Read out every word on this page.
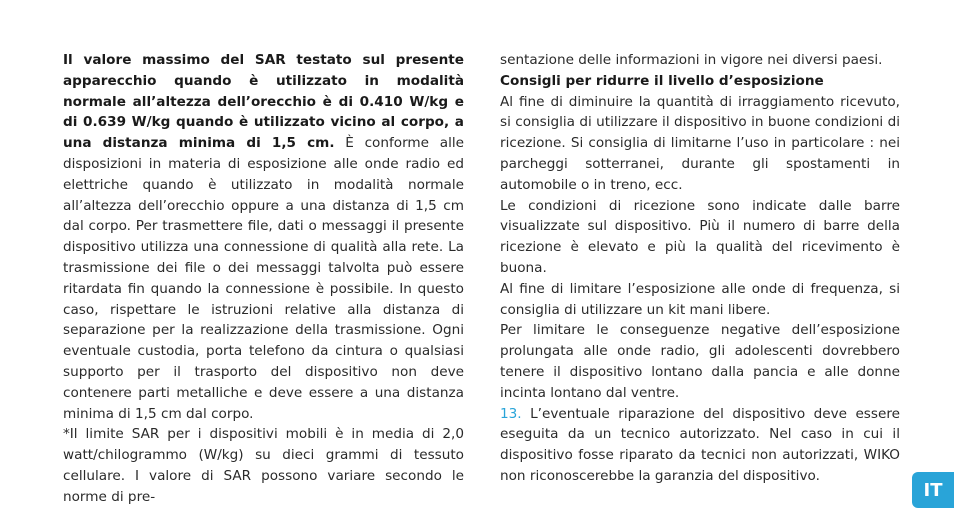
Il valore massimo del SAR testato sul presente apparecchio quando è utilizzato in modalità normale all’altezza dell’orecchio è di 0.410 W/kg e di 0.639 W/kg quando è utilizzato vicino al corpo, a una distanza minima di 1,5 cm. È conforme alle disposizioni in materia di esposizione alle onde radio ed elettriche quando è utilizzato in modalità normale all’altezza dell’orecchio oppure a una distanza di 1,5 cm dal corpo. Per trasmettere file, dati o messaggi il presente dispositivo utilizza una connessione di qualità alla rete. La trasmissione dei file o dei messaggi talvolta può essere ritardata fin quando la connessione è possibile. In questo caso, rispettare le istruzioni relative alla distanza di separazione per la realizzazione della trasmissione. Ogni eventuale custodia, porta telefono da cintura o qualsiasi supporto per il trasporto del dispositivo non deve contenere parti metalliche e deve essere a una distanza minima di 1,5 cm dal corpo.

*Il limite SAR per i dispositivi mobili è in media di 2,0 watt/chilogrammo (W/kg) su dieci grammi di tessuto cellulare. I valore di SAR possono variare secondo le norme di pre-

sentazione delle informazioni in vigore nei diversi paesi.

Consigli per ridurre il livello d’esposizione

Al fine di diminuire la quantità di irraggiamento ricevuto, si consiglia di utilizzare il dispositivo in buone condizioni di ricezione. Si consiglia di limitarne l’uso in particolare : nei parcheggi sotterranei, durante gli spostamenti in automobile o in treno, ecc.

Le condizioni di ricezione sono indicate dalle barre visualizzate sul dispositivo. Più il numero di barre della ricezione è elevato e più la qualità del ricevimento è buona.

Al fine di limitare l’esposizione alle onde di frequenza, si consiglia di utilizzare un kit mani libere.

Per limitare le conseguenze negative dell’esposizione prolungata alle onde radio, gli adolescenti dovrebbero tenere il dispositivo lontano dalla pancia e alle donne incinta lontano dal ventre.

13. L’eventuale riparazione del dispositivo deve essere eseguita da un tecnico autorizzato. Nel caso in cui il dispositivo fosse riparato da tecnici non autorizzati, WIKO non riconoscerebbe la garanzia del dispositivo.

IT
